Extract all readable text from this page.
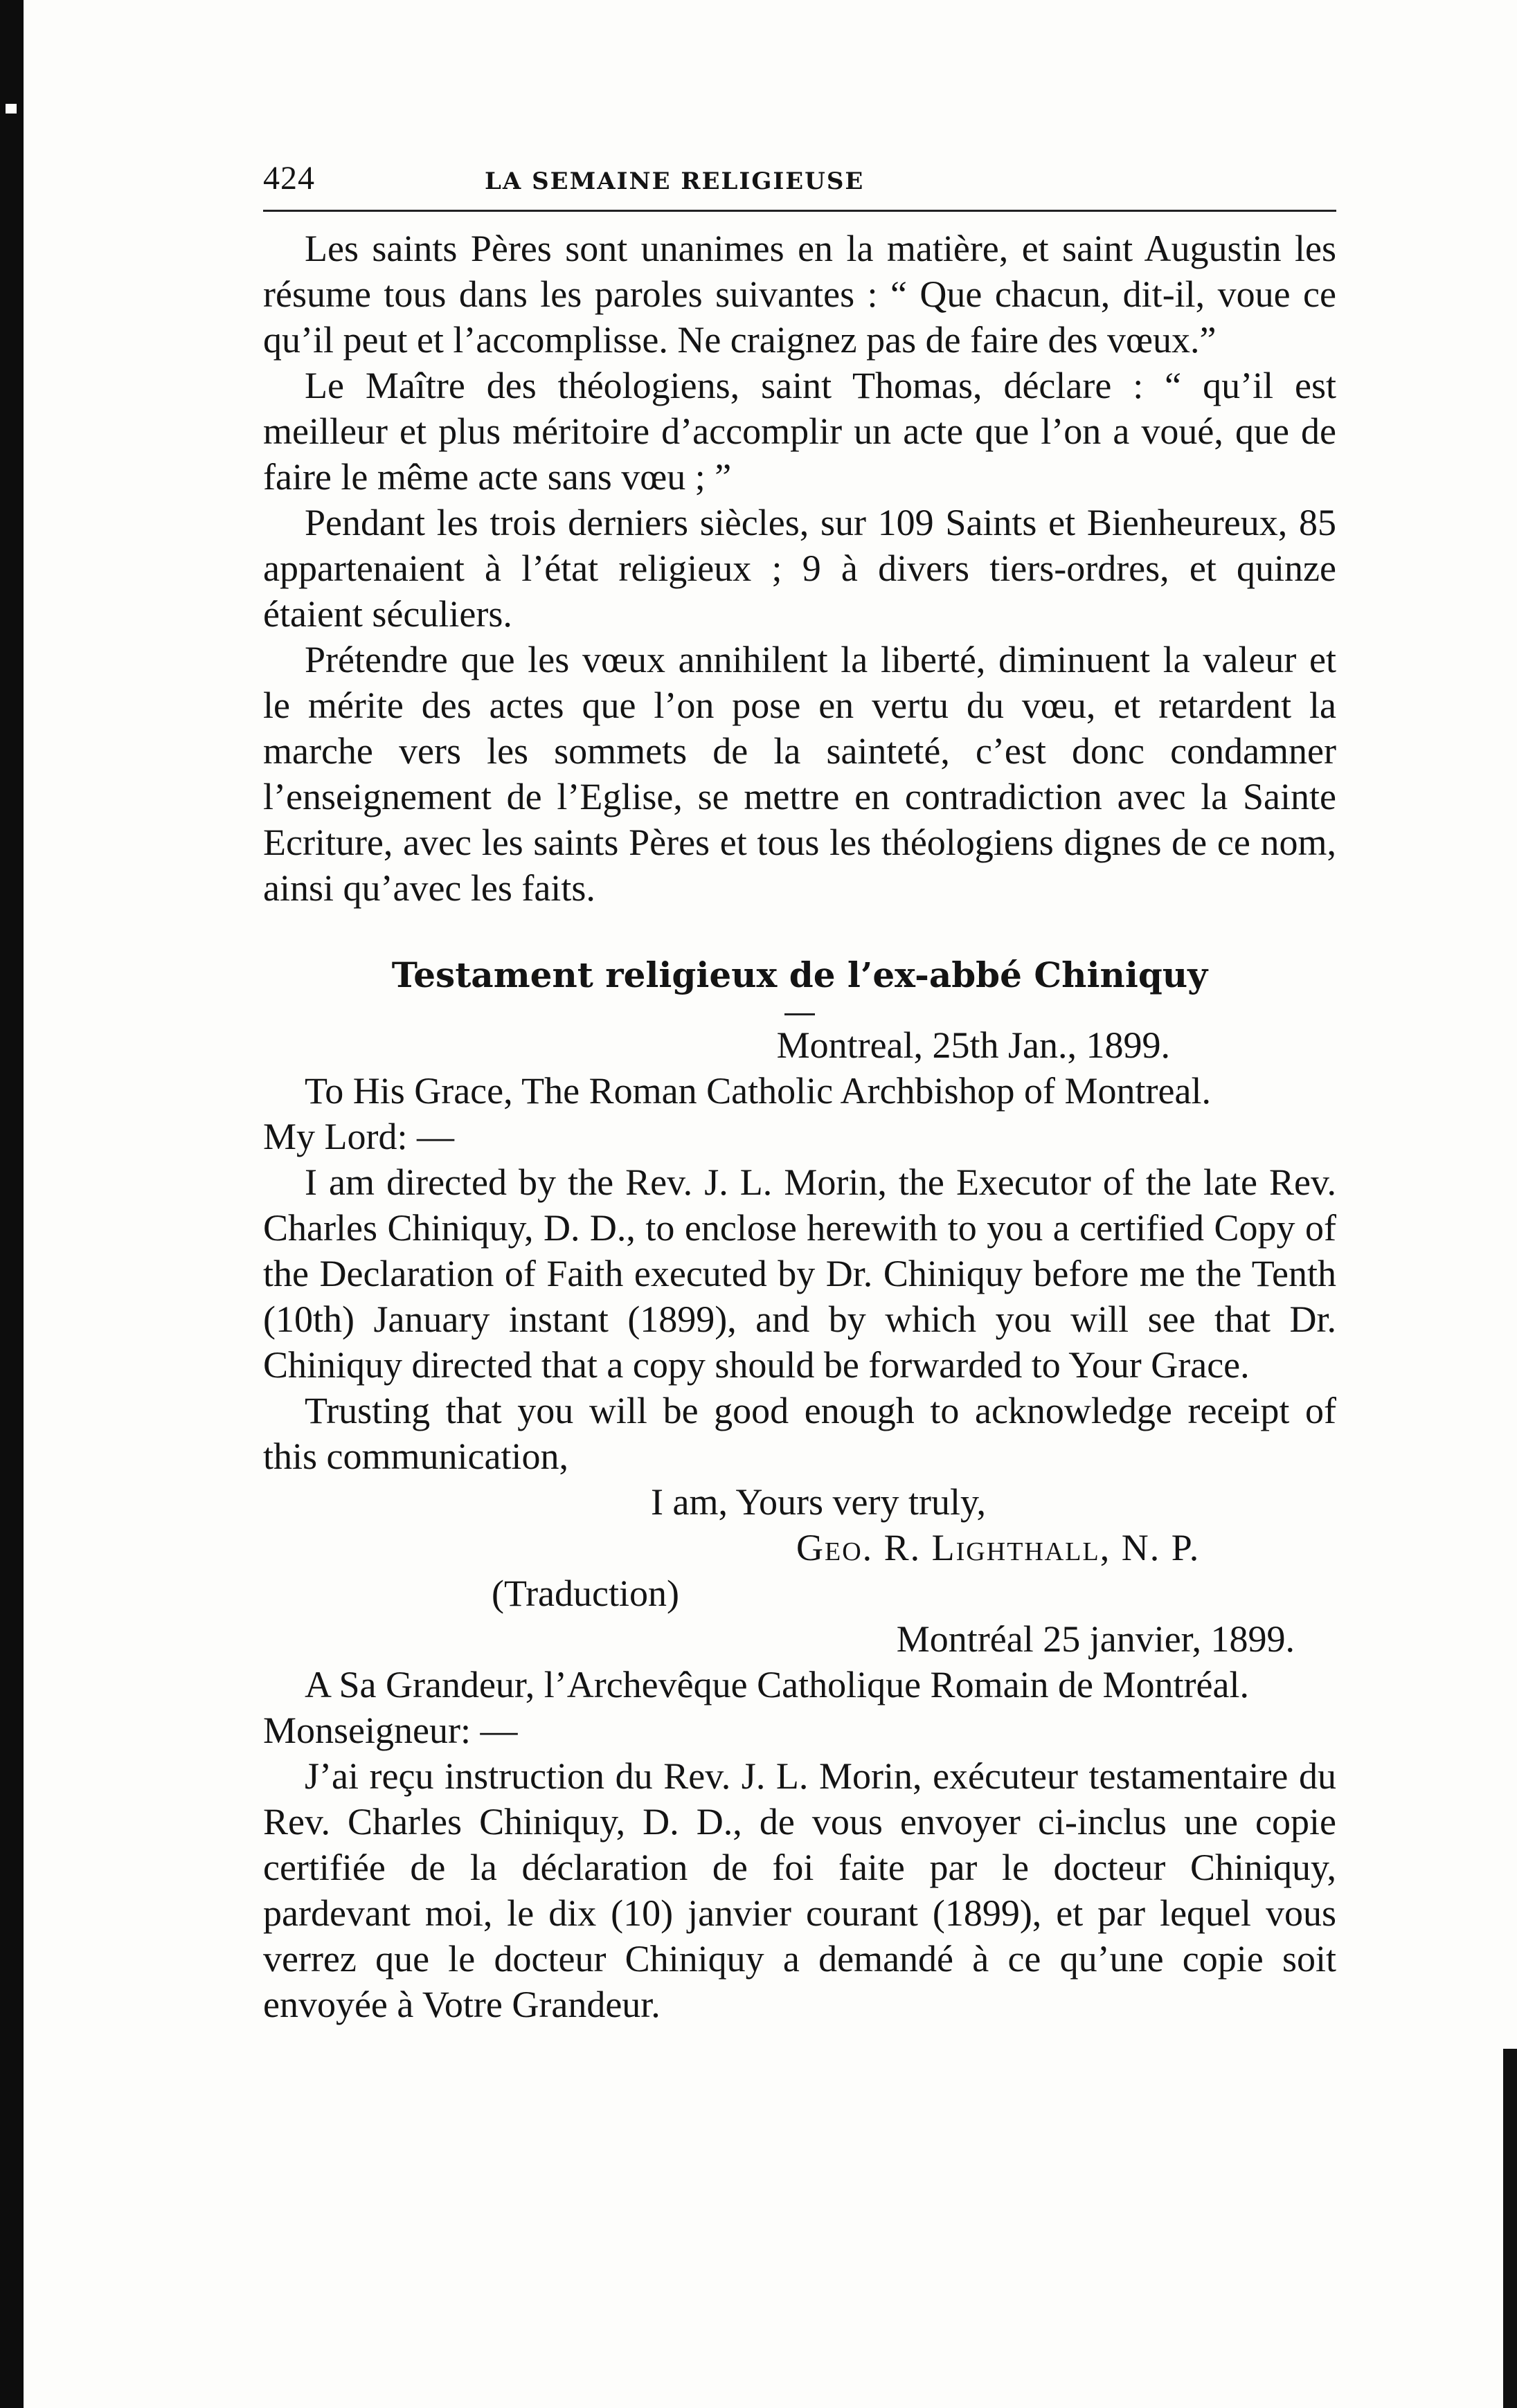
424	LA SEMAINE RELIGIEUSE

Les saints Pères sont unanimes en la matière, et saint Augustin les résume tous dans les paroles suivantes : “ Que chacun, dit-il, voue ce qu’il peut et l’accomplisse. Ne craignez pas de faire des vœux.”

Le Maître des théologiens, saint Thomas, déclare : “ qu’il est meilleur et plus méritoire d’accomplir un acte que l’on a voué, que de faire le même acte sans vœu ; ”

Pendant les trois derniers siècles, sur 109 Saints et Bienheureux, 85 appartenaient à l’état religieux ; 9 à divers tiers-ordres, et quinze étaient séculiers.

Prétendre que les vœux annihilent la liberté, diminuent la valeur et le mérite des actes que l’on pose en vertu du vœu, et retardent la marche vers les sommets de la sainteté, c’est donc condamner l’enseignement de l’Eglise, se mettre en contradiction avec la Sainte Ecriture, avec les saints Pères et tous les théologiens dignes de ce nom, ainsi qu’avec les faits.

Testament religieux de l’ex-abbé Chiniquy

Montreal, 25th Jan., 1899.

To His Grace, The Roman Catholic Archbishop of Montreal.

My Lord: —

I am directed by the Rev. J. L. Morin, the Executor of the late Rev. Charles Chiniquy, D. D., to enclose herewith to you a certified Copy of the Declaration of Faith executed by Dr. Chiniquy before me the Tenth (10th) January instant (1899), and by which you will see that Dr. Chiniquy directed that a copy should be forwarded to Your Grace.

Trusting that you will be good enough to acknowledge receipt of this communication,

I am, Yours very truly,

Geo. R. Lighthall, N. P.

(Traduction)

Montréal 25 janvier, 1899.

A Sa Grandeur, l’Archevêque Catholique Romain de Montréal.

Monseigneur: —

J’ai reçu instruction du Rev. J. L. Morin, exécuteur testamentaire du Rev. Charles Chiniquy, D. D., de vous envoyer ci-inclus une copie certifiée de la déclaration de foi faite par le docteur Chiniquy, pardevant moi, le dix (10) janvier courant (1899), et par lequel vous verrez que le docteur Chiniquy a demandé à ce qu’une copie soit envoyée à Votre Grandeur.
